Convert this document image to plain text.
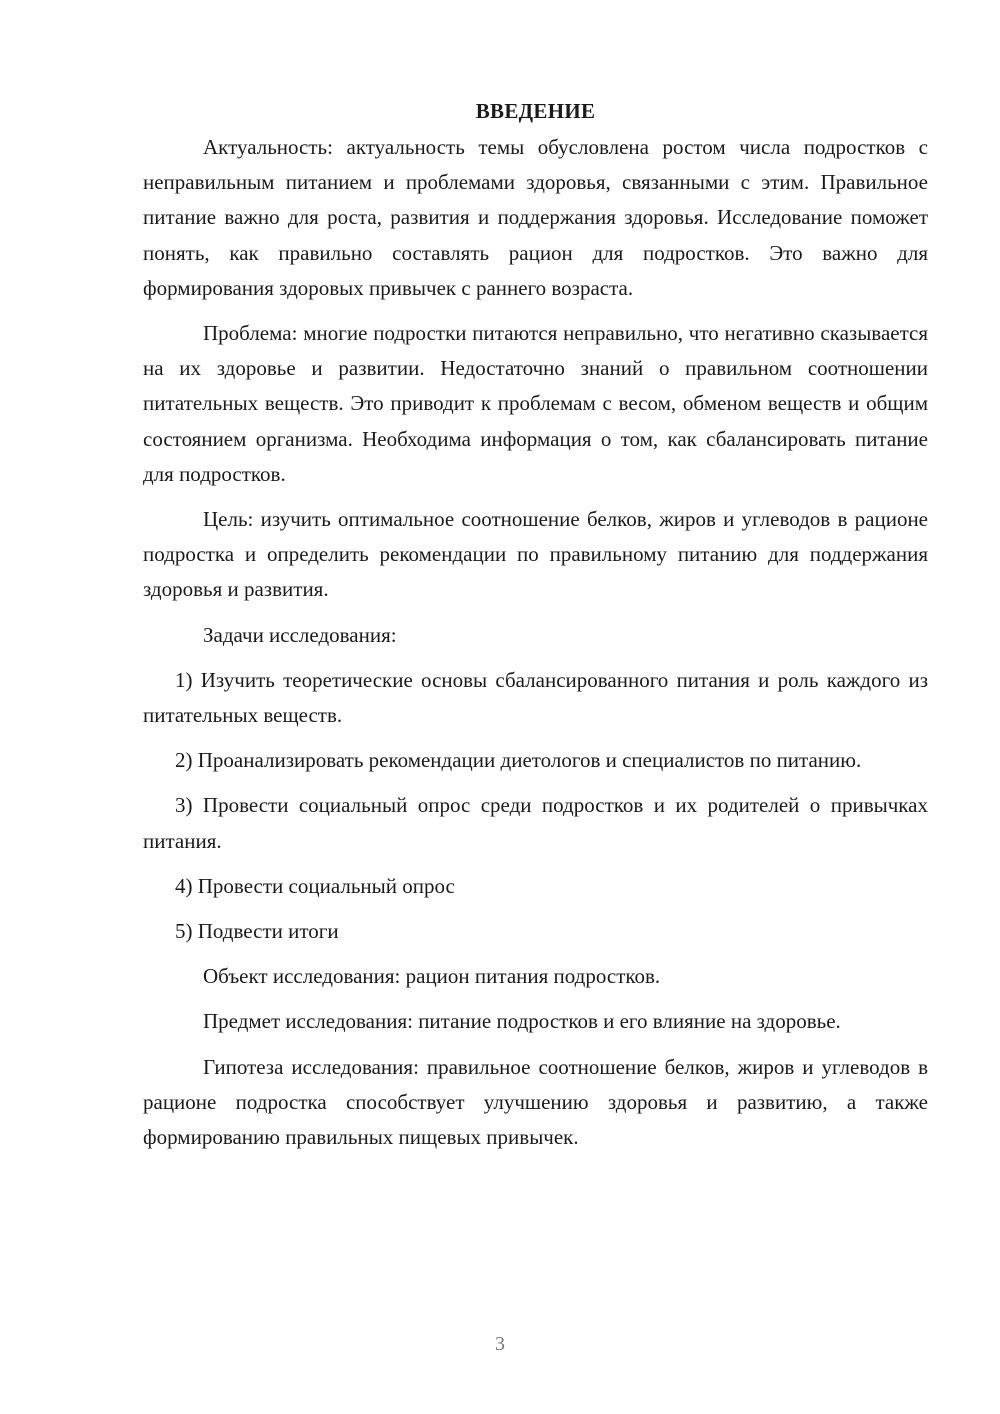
ВВЕДЕНИЕ

Актуальность: актуальность темы обусловлена ростом числа подростков с неправильным питанием и проблемами здоровья, связанными с этим. Правильное питание важно для роста, развития и поддержания здоровья. Исследование поможет понять, как правильно составлять рацион для подростков. Это важно для формирования здоровых привычек с раннего возраста.

Проблема: многие подростки питаются неправильно, что негативно сказывается на их здоровье и развитии. Недостаточно знаний о правильном соотношении питательных веществ. Это приводит к проблемам с весом, обменом веществ и общим состоянием организма. Необходима информация о том, как сбалансировать питание для подростков.

Цель: изучить оптимальное соотношение белков, жиров и углеводов в рационе подростка и определить рекомендации по правильному питанию для поддержания здоровья и развития.

Задачи исследования:

1) Изучить теоретические основы сбалансированного питания и роль каждого из питательных веществ.

2) Проанализировать рекомендации диетологов и специалистов по питанию.

3) Провести социальный опрос среди подростков и их родителей о привычках питания.

4) Провести социальный опрос

5) Подвести итоги

Объект исследования: рацион питания подростков.

Предмет исследования: питание подростков и его влияние на здоровье.

Гипотеза исследования: правильное соотношение белков, жиров и углеводов в рационе подростка способствует улучшению здоровья и развитию, а также формированию правильных пищевых привычек.

3
